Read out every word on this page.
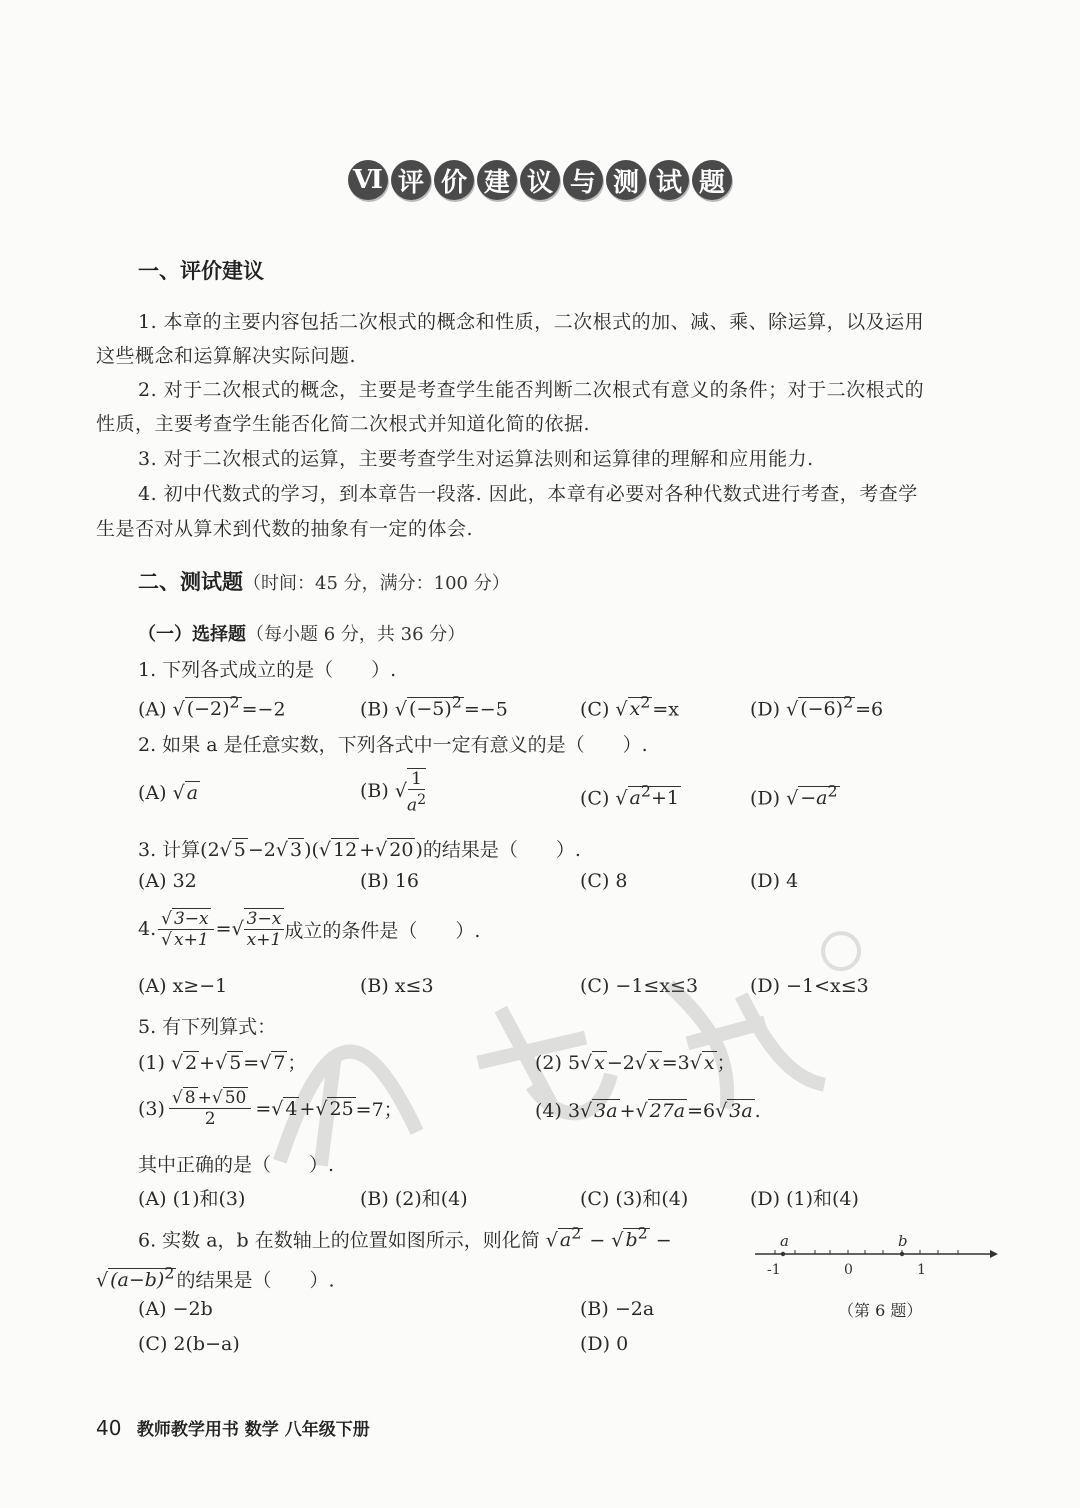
Ⅵ 评 价 建 议 与 测 试 题
一、评价建议
1. 本章的主要内容包括二次根式的概念和性质，二次根式的加、减、乘、除运算，以及运用
这些概念和运算解决实际问题.
2. 对于二次根式的概念，主要是考查学生能否判断二次根式有意义的条件；对于二次根式的
性质，主要考查学生能否化简二次根式并知道化简的依据.
3. 对于二次根式的运算，主要考查学生对运算法则和运算律的理解和应用能力.
4. 初中代数式的学习，到本章告一段落. 因此，本章有必要对各种代数式进行考查，考查学
生是否对从算术到代数的抽象有一定的体会.
二、测试题（时间：45 分，满分：100 分）
（一）选择题（每小题 6 分，共 36 分）
1. 下列各式成立的是（　　）.
(A) √ $(-2)^2 =-2$	(B) √ $(-5)^2 =-5$	(C) √ $x^2 =x$	(D) √ $(-6)^2 =6$
2. 如果 a 是任意实数，下列各式中一定有意义的是（　　）.
(A) √ a	(B) √ $\frac{1}{a^2}$	(C) √ $a^2+1$	(D) √ $-a^2$
3. 计算(2√ 5 −2√ 3 )(√ 12 +√ 20 )的结果是（　　）.
(A) 32	(B) 16	(C) 8	(D) 4
4. $\frac{√ 3-x}{√ x+1}$ = √ $\frac{3-x}{x+1}$ 成立的条件是（　　）.
(A) x≥−1	(B) x≤3	(C) −1≤x≤3	(D) −1<x≤3
5. 有下列算式：
(1) √ 2 +√ 5 =√ 7 ；	(2) 5√ x −2√ x =3√ x ；
$(3) \frac{√ 8 +√ 50}{2}$ = √ 4 + √ 25 =7；	(4) 3√ 3a +√ 27a =6√ 3a .
其中正确的是（　　）.
(A) (1)和(3)	(B) (2)和(4)	(C) (3)和(4)	(D) (1)和(4)
6. 实数 a，b 在数轴上的位置如图所示，则化简 √ $a^2$ − √ $b^2$ −
√ $(a-b)^2$ 的结果是（　　）.
(A) −2b	(B) −2a
(C) 2(b−a)	(D) 0
a	b
-1	0	1
（第 6 题）
40 教师教学用书 数学 八年级下册
